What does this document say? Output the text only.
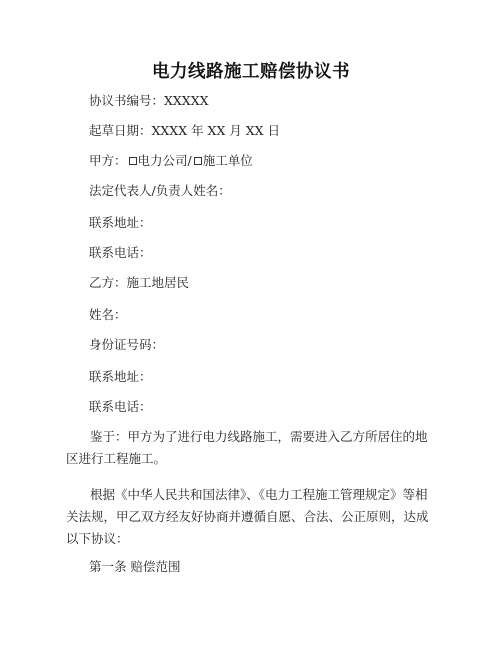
电力线路施工赔偿协议书
协议书编号：XXXXX
起草日期：XXXX 年 XX 月 XX 日
甲方： 电力公司/ 施工单位
法定代表人/负责人姓名：
联系地址：
联系电话：
乙方：施工地居民
姓名：
身份证号码：
联系地址：
联系电话：
鉴于：甲方为了进行电力线路施工，需要进入乙方所居住的地区进行工程施工。
根据《中华人民共和国法律》、《电力工程施工管理规定》等相关法规，甲乙双方经友好协商并遵循自愿、合法、公正原则，达成以下协议：
第一条 赔偿范围
